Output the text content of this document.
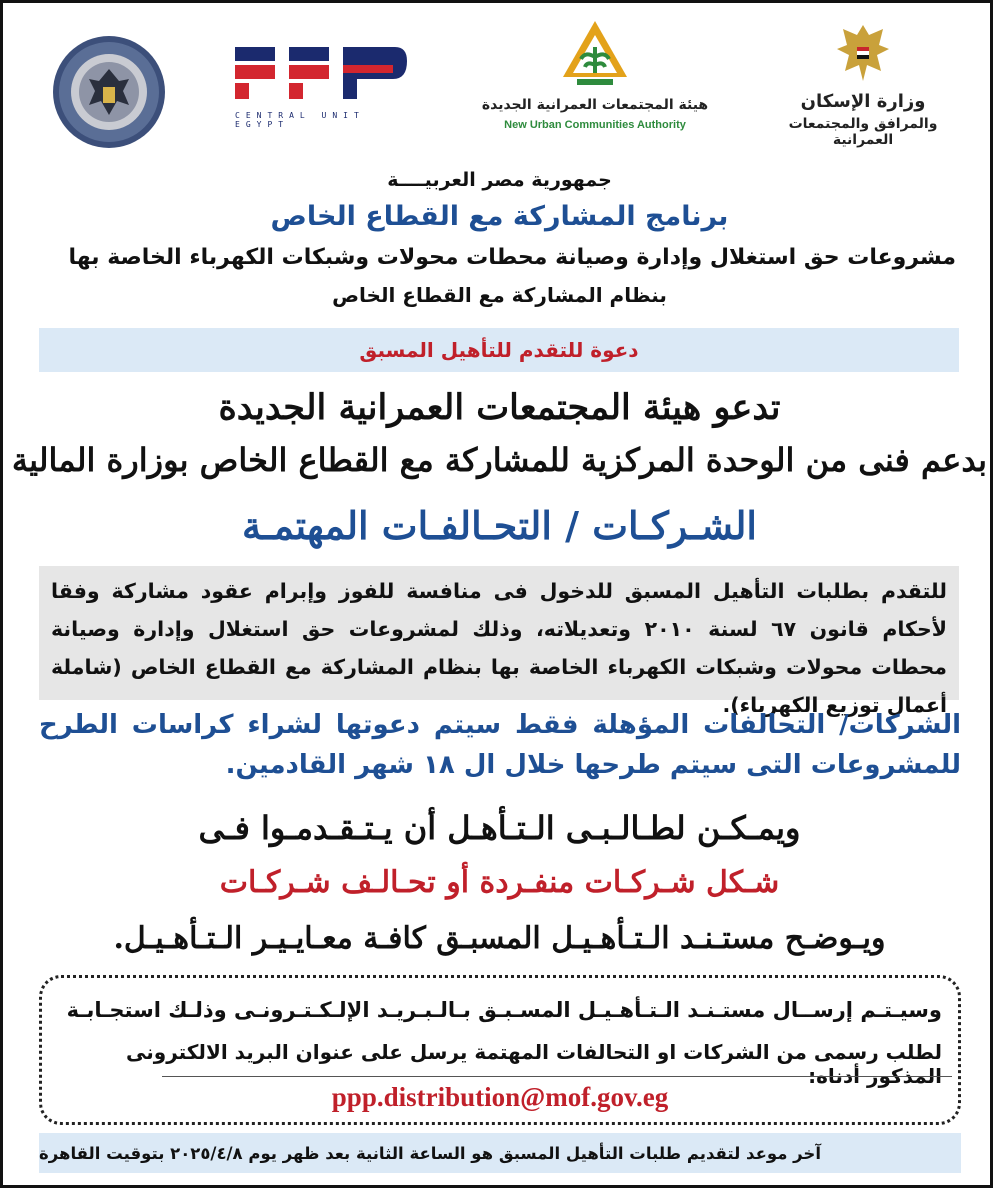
CENTRAL UNIT
EGYPT
هيئة المجتمعات العمرانية الجديدة
New Urban Communities Authority
وزارة الإسكان
والمرافق والمجتمعات العمرانية
جمهورية مصر العربيــــة
برنامج المشاركة مع القطاع الخاص
مشروعات حق استغلال وإدارة وصيانة محطات محولات وشبكات الكهرباء الخاصة بها
بنظام المشاركة مع القطاع الخاص
دعوة للتقدم للتأهيل المسبق
تدعو هيئة المجتمعات العمرانية الجديدة
بدعم فنى من الوحدة المركزية للمشاركة مع القطاع الخاص بوزارة المالية
الشـركـات / التحـالفـات المهتمـة
للتقدم بطلبات التأهيل المسبق للدخول فى منافسة للفوز وإبرام عقود مشاركة وفقا لأحكام قانون ٦٧ لسنة ٢٠١٠ وتعديلاته، وذلك لمشروعات حق استغلال وإدارة وصيانة محطات محولات وشبكات الكهرباء الخاصة بها بنظام المشاركة مع القطاع الخاص (شاملة أعمال توزيع الكهرباء).
الشركات/ التحالفات المؤهلة فقط سيتم دعوتها لشراء كراسات الطرح للمشروعات التى سيتم طرحها خلال ال ١٨ شهر القادمين.
ويمـكـن لطـالـبـى الـتـأهـل أن يـتـقـدمـوا فـى
شـكل شـركـات منفـردة أو تحـالـف شـركـات
ويـوضـح مستـنـد الـتـأهـيـل المسبـق كافـة معـايـيـر الـتـأهـيـل.
وسيـتـم إرســال مستـنـد الـتـأهـيـل المسـبـق بـالـبـريـد الإلـكـتـرونـى وذلـك استجـابـة
لطلب رسمى من الشركات او التحالفات المهتمة يرسل على عنوان البريد الالكترونى المذكور أدناه:
ppp.distribution@mof.gov.eg
آخر موعد لتقديم طلبات التأهيل المسبق هو الساعة الثانية بعد ظهر يوم ٢٠٢٥/٤/٨ بتوقيت القاهرة
